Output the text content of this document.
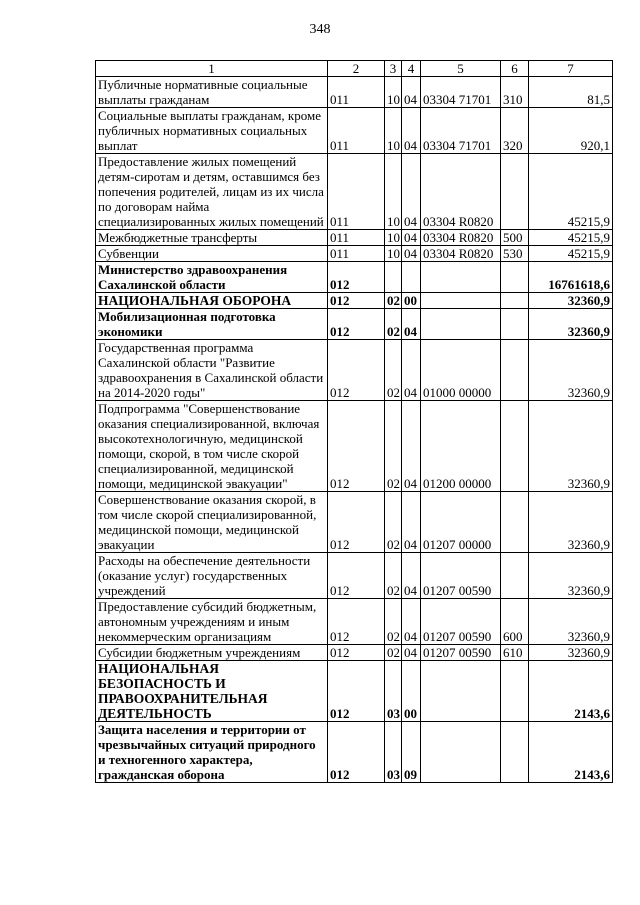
348
1	2	3	4	5	6	7
Публичные нормативные социальные выплаты гражданам	011	10	04	03304 71701	310	81,5
Социальные выплаты гражданам, кроме публичных нормативных социальных выплат	011	10	04	03304 71701	320	920,1
Предоставление жилых помещений детям-сиротам и детям, оставшимся без попечения родителей, лицам из их числа по договорам найма специализированных жилых помещений	011	10	04	03304 R0820		45215,9
Межбюджетные трансферты	011	10	04	03304 R0820	500	45215,9
Субвенции	011	10	04	03304 R0820	530	45215,9
Министерство здравоохранения Сахалинской области	012					16761618,6
НАЦИОНАЛЬНАЯ ОБОРОНА	012	02	00			32360,9
Мобилизационная подготовка экономики	012	02	04			32360,9
Государственная программа Сахалинской области "Развитие здравоохранения в Сахалинской области на 2014-2020 годы"	012	02	04	01000 00000		32360,9
Подпрограмма "Совершенствование оказания специализированной, включая высокотехнологичную, медицинской помощи, скорой, в том числе скорой специализированной, медицинской помощи, медицинской эвакуации"	012	02	04	01200 00000		32360,9
Совершенствование оказания скорой, в том числе скорой специализированной, медицинской помощи, медицинской эвакуации	012	02	04	01207 00000		32360,9
Расходы на обеспечение деятельности (оказание услуг) государственных учреждений	012	02	04	01207 00590		32360,9
Предоставление субсидий бюджетным, автономным учреждениям и иным некоммерческим организациям	012	02	04	01207 00590	600	32360,9
Субсидии бюджетным учреждениям	012	02	04	01207 00590	610	32360,9
НАЦИОНАЛЬНАЯ БЕЗОПАСНОСТЬ И ПРАВООХРАНИТЕЛЬНАЯ ДЕЯТЕЛЬНОСТЬ	012	03	00			2143,6
Защита населения и территории от чрезвычайных ситуаций природного и техногенного характера, гражданская оборона	012	03	09			2143,6
